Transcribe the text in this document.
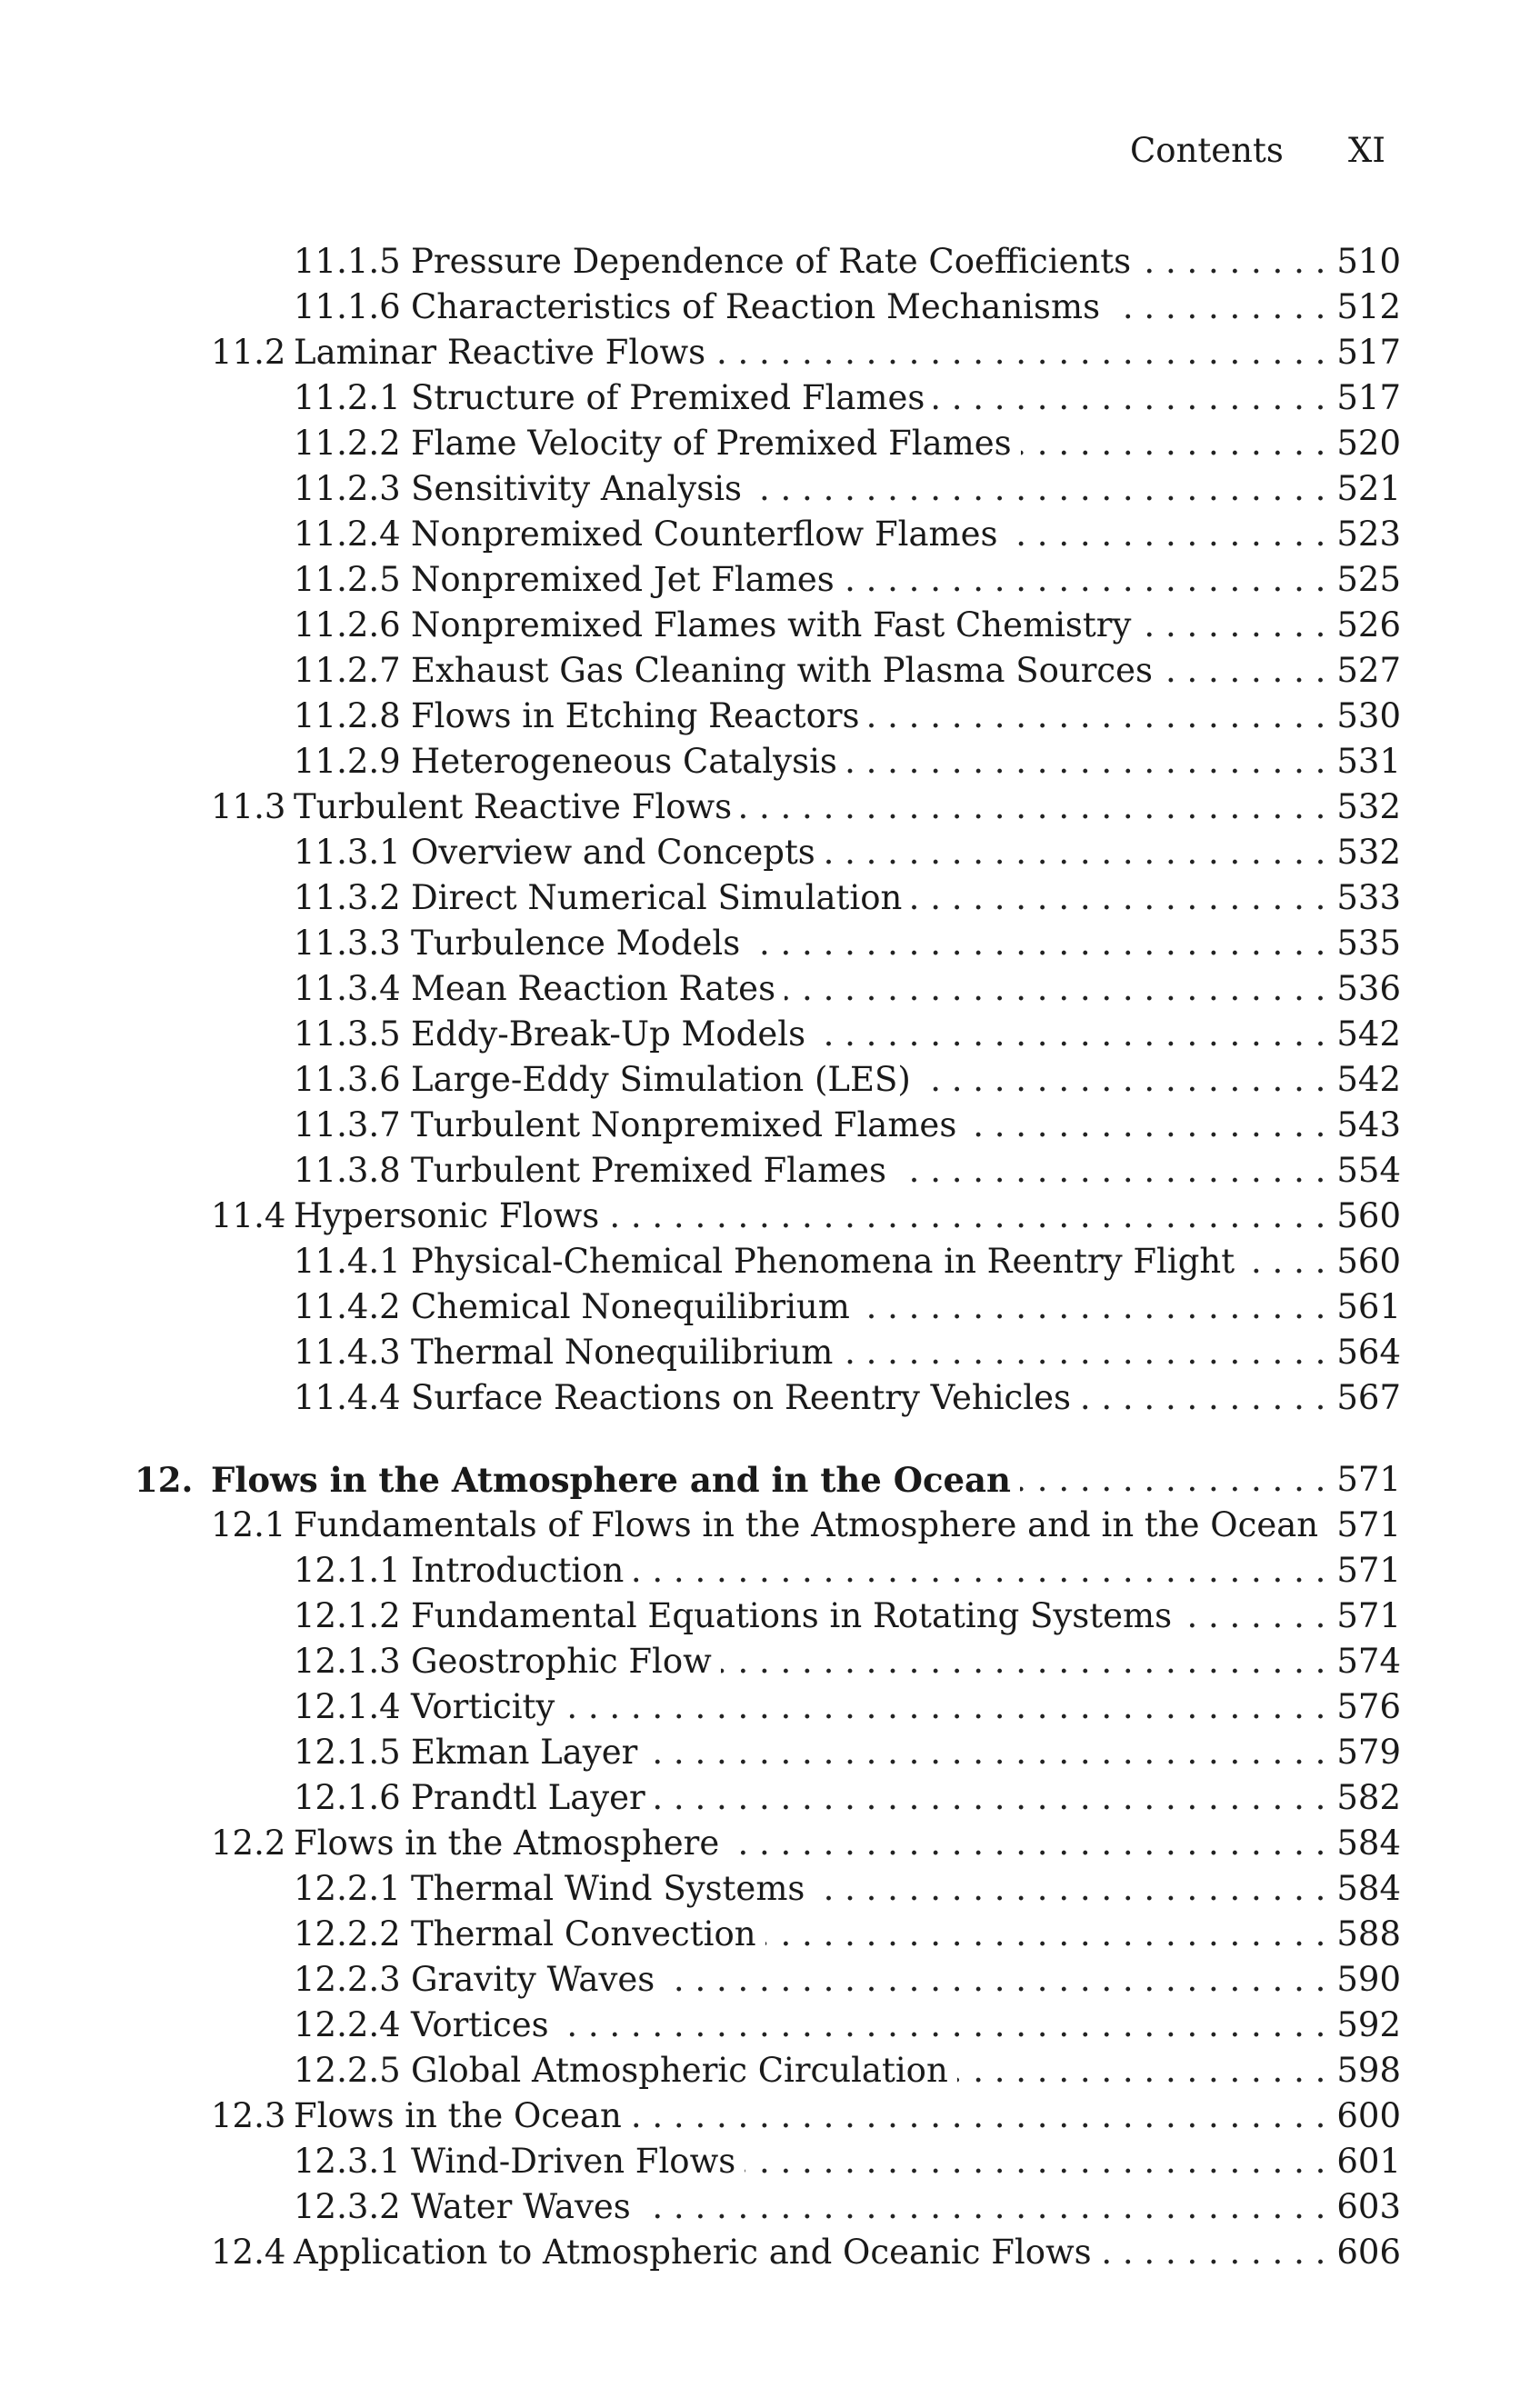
Contents XI
11.1.5 Pressure Dependence of Rate Coefficients . . .	510
11.1.6 Characteristics of Reaction Mechanisms . . .	512
11.2 Laminar Reactive Flows . . .	517
11.2.1 Structure of Premixed Flames . . .	517
11.2.2 Flame Velocity of Premixed Flames . . .	520
11.2.3 Sensitivity Analysis . . .	521
11.2.4 Nonpremixed Counterflow Flames . . .	523
11.2.5 Nonpremixed Jet Flames . . .	525
11.2.6 Nonpremixed Flames with Fast Chemistry . . .	526
11.2.7 Exhaust Gas Cleaning with Plasma Sources . . .	527
11.2.8 Flows in Etching Reactors . . .	530
11.2.9 Heterogeneous Catalysis . . .	531
11.3 Turbulent Reactive Flows . . .	532
11.3.1 Overview and Concepts . . .	532
11.3.2 Direct Numerical Simulation . . .	533
11.3.3 Turbulence Models . . .	535
11.3.4 Mean Reaction Rates . . .	536
11.3.5 Eddy-Break-Up Models . . .	542
11.3.6 Large-Eddy Simulation (LES) . . .	542
11.3.7 Turbulent Nonpremixed Flames . . .	543
11.3.8 Turbulent Premixed Flames . . .	554
11.4 Hypersonic Flows . . .	560
11.4.1 Physical-Chemical Phenomena in Reentry Flight . . .	560
11.4.2 Chemical Nonequilibrium . . .	561
11.4.3 Thermal Nonequilibrium . . .	564
11.4.4 Surface Reactions on Reentry Vehicles . . .	567
12. Flows in the Atmosphere and in the Ocean . . .	571
12.1 Fundamentals of Flows in the Atmosphere and in the Ocean 571
12.1.1 Introduction . . .	571
12.1.2 Fundamental Equations in Rotating Systems . . .	571
12.1.3 Geostrophic Flow . . .	574
12.1.4 Vorticity . . .	576
12.1.5 Ekman Layer . . .	579
12.1.6 Prandtl Layer . . .	582
12.2 Flows in the Atmosphere . . .	584
12.2.1 Thermal Wind Systems . . .	584
12.2.2 Thermal Convection . . .	588
12.2.3 Gravity Waves . . .	590
12.2.4 Vortices . . .	592
12.2.5 Global Atmospheric Circulation . . .	598
12.3 Flows in the Ocean . . .	600
12.3.1 Wind-Driven Flows . . .	601
12.3.2 Water Waves . . .	603
12.4 Application to Atmospheric and Oceanic Flows . . .	606
